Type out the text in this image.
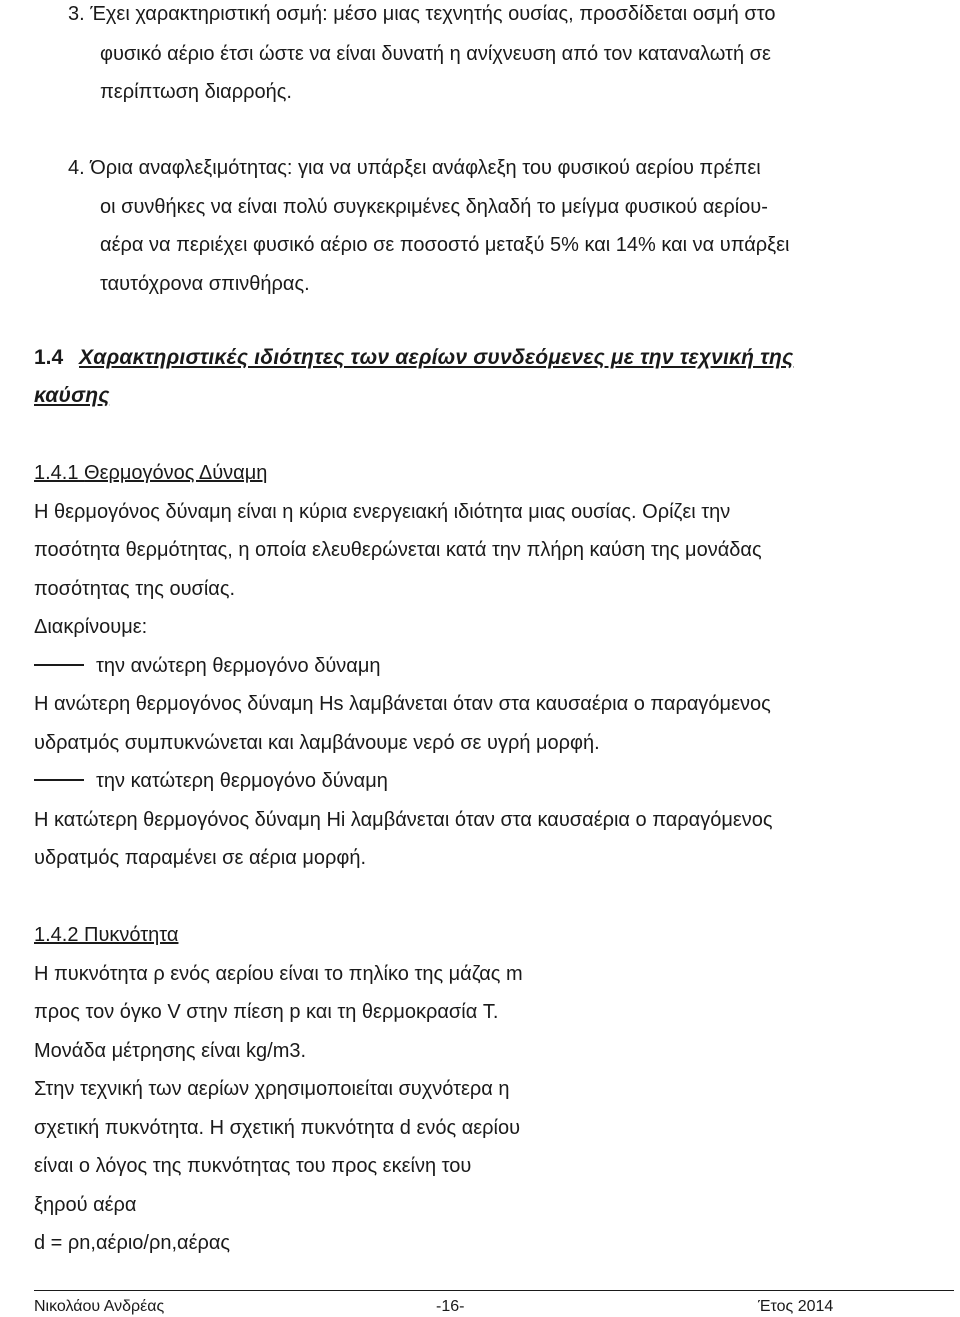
3. Έχει χαρακτηριστική οσμή: μέσο μιας τεχνητής ουσίας, προσδίδεται οσμή στο
φυσικό αέριο έτσι ώστε να είναι δυνατή η ανίχνευση από τον καταναλωτή σε
περίπτωση διαρροής.
4. Όρια αναφλεξιμότητας: για να υπάρξει ανάφλεξη του φυσικού αερίου πρέπει
οι συνθήκες να είναι πολύ συγκεκριμένες δηλαδή το μείγμα φυσικού αερίου-
αέρα να περιέχει φυσικό αέριο σε ποσοστό μεταξύ 5% και 14% και να υπάρξει
ταυτόχρονα σπινθήρας.
1.4 Χαρακτηριστικές ιδιότητες των αερίων συνδεόμενες με την τεχνική της
καύσης
1.4.1 Θερμογόνος Δύναμη
Η θερμογόνος δύναμη είναι η κύρια ενεργειακή ιδιότητα μιας ουσίας. Ορίζει την
ποσότητα θερμότητας, η οποία ελευθερώνεται κατά την πλήρη καύση της μονάδας
ποσότητας της ουσίας.
Διακρίνουμε:
την ανώτερη θερμογόνο δύναμη
Η ανώτερη θερμογόνος δύναμη Hs λαμβάνεται όταν στα καυσαέρια ο παραγόμενος
υδρατμός συμπυκνώνεται και λαμβάνουμε νερό σε υγρή μορφή.
την κατώτερη θερμογόνο δύναμη
Η κατώτερη θερμογόνος δύναμη Hi λαμβάνεται όταν στα καυσαέρια ο παραγόμενος
υδρατμός παραμένει σε αέρια μορφή.
1.4.2 Πυκνότητα
Η πυκνότητα ρ ενός αερίου είναι το πηλίκο της μάζας m
προς τον όγκο V στην πίεση p και τη θερμοκρασία T.
Μονάδα μέτρησης είναι kg/m3.
Στην τεχνική των αερίων χρησιμοποιείται συχνότερα η
σχετική πυκνότητα. Η σχετική πυκνότητα d ενός αερίου
είναι ο λόγος της πυκνότητας του προς εκείνη του
ξηρού αέρα
d = ρn,αέριο/ρn,αέρας
Νικολάου Ανδρέας	-16-	Έτος 2014
